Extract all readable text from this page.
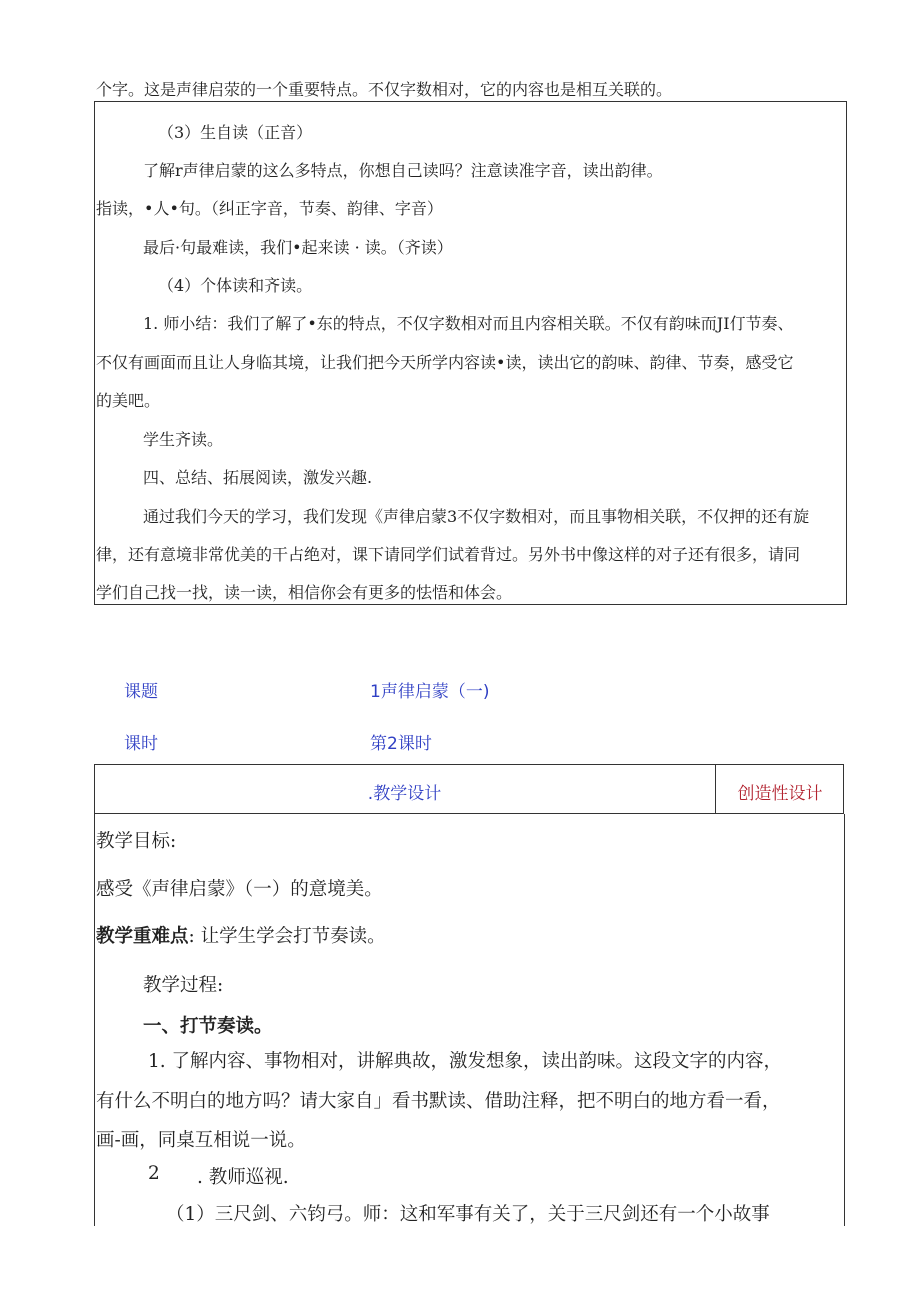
个字。这是声律启荥的一个重要特点。不仅字数相对，它的内容也是相互关联的。
（3）生自读（正音）
了解r声律启蒙的这么多特点，你想自己读吗？注意读准字音，读出韵律。
指读，•人•句。（纠正字音，节奏、韵律、字音）
最后·句最难读，我们•起来读 · 读。（齐读）
（4）个体读和齐读。
1. 师小结：我们了解了•东的特点，不仅字数相对而且内容相关联。不仅有韵味而JI仃节奏、
不仅有画面而且让人身临其境，让我们把今天所学内容读•读，读出它的韵味、韵律、节奏，感受它
的美吧。
学生齐读。
四、总结、拓展阅读，激发兴趣.
通过我们今天的学习，我们发现《声律启蒙3不仅字数相对，而且事物相关联，不仅押的还有旋
律，还有意境非常优美的干占绝对，课下请同学们试着背过。另外书中像这样的对子还有很多，请同
学们自己找一找，读一读，相信你会有更多的怯悟和体会。
课题	1声律启蒙（一)
课时	第2课时
.教学设计	创造性设计
教学目标:
感受《声律启蒙》（一）的意境美。
教学重难点: 让学生学会打节奏读。
教学过程:
一、打节奏读。
1. 了解内容、事物相对，讲解典故，激发想象，读出韵味。这段文字的内容，
有什么不明白的地方吗？请大家自」看书默读、借助注释，把不明白的地方看一看，
画-画，同桌互相说一说。
2 . 教师巡视.
（1）三尺剑、六钧弓。师：这和军事有关了，关于三尺剑还有一个小故事
